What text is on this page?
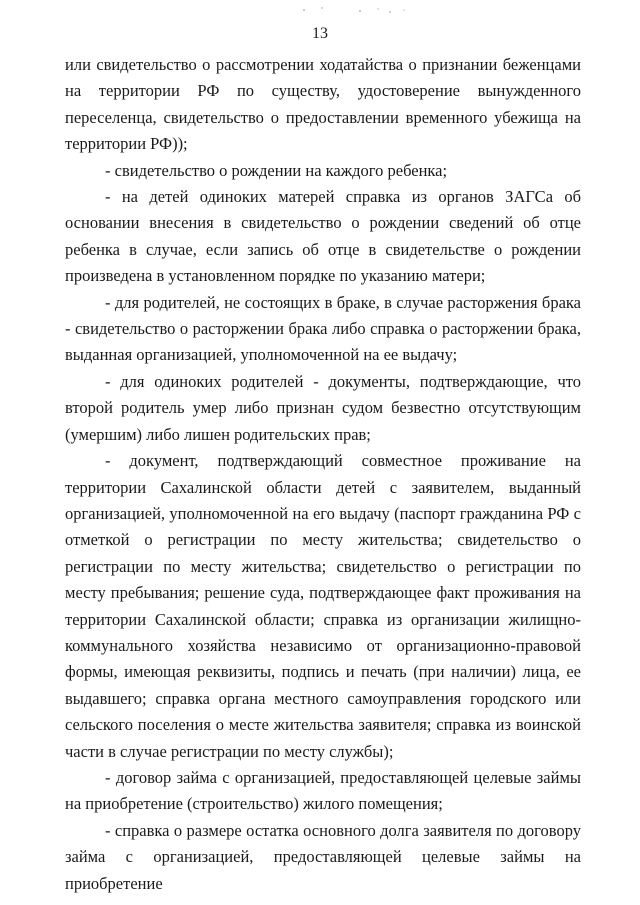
13

или свидетельство о рассмотрении ходатайства о признании беженцами на территории РФ по существу, удостоверение вынужденного переселенца, свидетельство о предоставлении временного убежища на территории РФ));

- свидетельство о рождении на каждого ребенка;

- на детей одиноких матерей справка из органов ЗАГСа об основании внесения в свидетельство о рождении сведений об отце ребенка в случае, если запись об отце в свидетельстве о рождении произведена в установленном порядке по указанию матери;

- для родителей, не состоящих в браке, в случае расторжения брака - свидетельство о расторжении брака либо справка о расторжении брака, выданная организацией, уполномоченной на ее выдачу;

- для одиноких родителей - документы, подтверждающие, что второй родитель умер либо признан судом безвестно отсутствующим (умершим) либо лишен родительских прав;

- документ, подтверждающий совместное проживание на территории Сахалинской области детей с заявителем, выданный организацией, уполномоченной на его выдачу (паспорт гражданина РФ с отметкой о регистрации по месту жительства; свидетельство о регистрации по месту жительства; свидетельство о регистрации по месту пребывания; решение суда, подтверждающее факт проживания на территории Сахалинской области; справка из организации жилищно-коммунального хозяйства независимо от организационно-правовой формы, имеющая реквизиты, подпись и печать (при наличии) лица, ее выдавшего; справка органа местного самоуправления городского или сельского поселения о месте жительства заявителя; справка из воинской части в случае регистрации по месту службы);

- договор займа с организацией, предоставляющей целевые займы на приобретение (строительство) жилого помещения;

- справка о размере остатка основного долга заявителя по договору займа с организацией, предоставляющей целевые займы на приобретение
